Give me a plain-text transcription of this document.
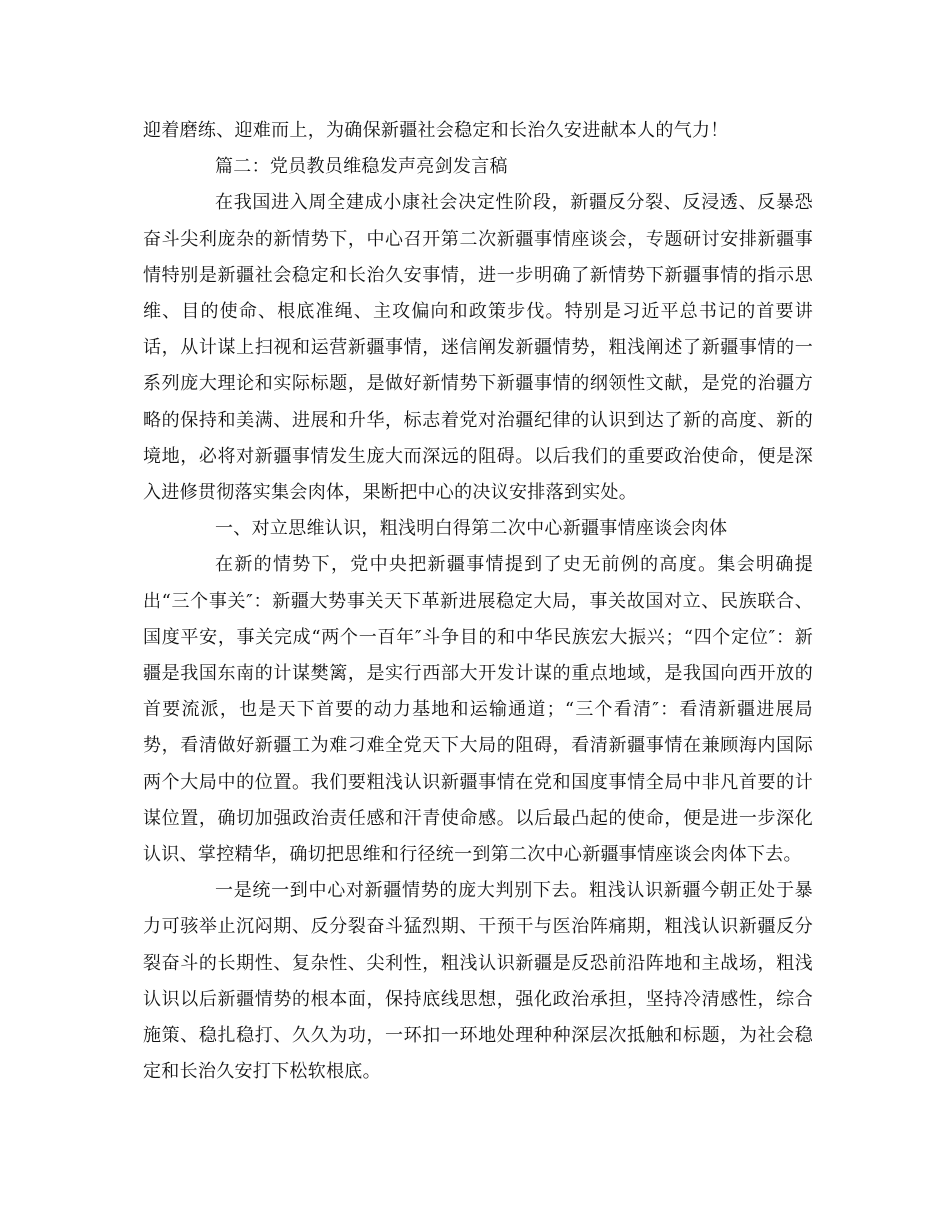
迎着磨练、迎难而上，为确保新疆社会稳定和长治久安进献本人的气力！

篇二：党员教员维稳发声亮剑发言稿

在我国进入周全建成小康社会决定性阶段，新疆反分裂、反浸透、反暴恐奋斗尖利庞杂的新情势下，中心召开第二次新疆事情座谈会，专题研讨安排新疆事情特别是新疆社会稳定和长治久安事情，进一步明确了新情势下新疆事情的指示思维、目的使命、根底准绳、主攻偏向和政策步伐。特别是习近平总书记的首要讲话，从计谋上扫视和运营新疆事情，迷信阐发新疆情势，粗浅阐述了新疆事情的一系列庞大理论和实际标题，是做好新情势下新疆事情的纲领性文献，是党的治疆方略的保持和美满、进展和升华，标志着党对治疆纪律的认识到达了新的高度、新的境地，必将对新疆事情发生庞大而深远的阻碍。以后我们的重要政治使命，便是深入进修贯彻落实集会肉体，果断把中心的决议安排落到实处。

一、对立思维认识，粗浅明白得第二次中心新疆事情座谈会肉体

在新的情势下，党中央把新疆事情提到了史无前例的高度。集会明确提出“三个事关″：新疆大势事关天下革新进展稳定大局，事关故国对立、民族联合、国度平安，事关完成“两个一百年″斗争目的和中华民族宏大振兴；“四个定位″：新疆是我国东南的计谋樊篱，是实行西部大开发计谋的重点地域，是我国向西开放的首要流派，也是天下首要的动力基地和运输通道；“三个看清″：看清新疆进展局势，看清做好新疆工为难刁难全党天下大局的阻碍，看清新疆事情在兼顾海内国际两个大局中的位置。我们要粗浅认识新疆事情在党和国度事情全局中非凡首要的计谋位置，确切加强政治责任感和汗青使命感。以后最凸起的使命，便是进一步深化认识、掌控精华，确切把思维和行径统一到第二次中心新疆事情座谈会肉体下去。

一是统一到中心对新疆情势的庞大判别下去。粗浅认识新疆今朝正处于暴力可骇举止沉闷期、反分裂奋斗猛烈期、干预干与医治阵痛期，粗浅认识新疆反分裂奋斗的长期性、复杂性、尖利性，粗浅认识新疆是反恐前沿阵地和主战场，粗浅认识以后新疆情势的根本面，保持底线思想，强化政治承担，坚持冷清感性，综合施策、稳扎稳打、久久为功，一环扣一环地处理种种深层次抵触和标题，为社会稳定和长治久安打下松软根底。
